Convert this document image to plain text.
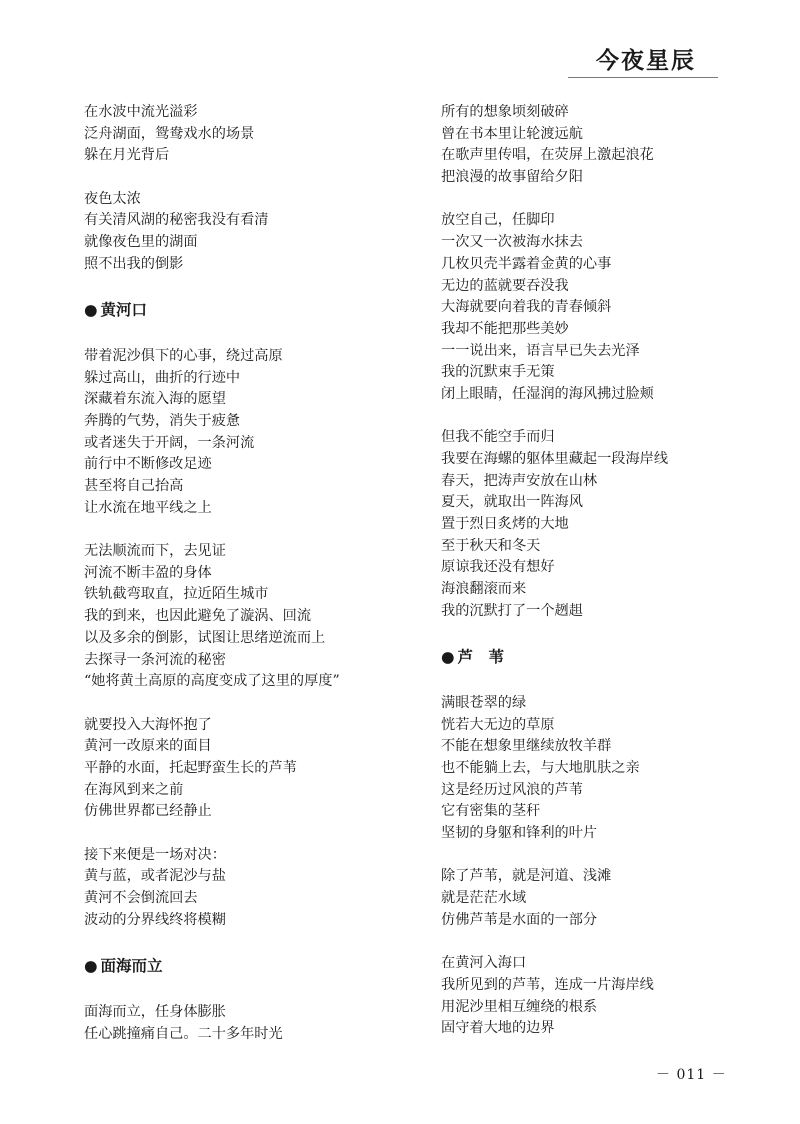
今夜星辰
在水波中流光溢彩
泛舟湖面，鸳鸯戏水的场景
躲在月光背后
夜色太浓
有关清风湖的秘密我没有看清
就像夜色里的湖面
照不出我的倒影
● 黄河口
带着泥沙俱下的心事，绕过高原
躲过高山，曲折的行迹中
深藏着东流入海的愿望
奔腾的气势，消失于疲惫
或者迷失于开阔，一条河流
前行中不断修改足迹
甚至将自己抬高
让水流在地平线之上
无法顺流而下，去见证
河流不断丰盈的身体
铁轨截弯取直，拉近陌生城市
我的到来，也因此避免了漩涡、回流
以及多余的倒影，试图让思绪逆流而上
去探寻一条河流的秘密
“她将黄土高原的高度变成了这里的厚度”
就要投入大海怀抱了
黄河一改原来的面目
平静的水面，托起野蛮生长的芦苇
在海风到来之前
仿佛世界都已经静止
接下来便是一场对决：
黄与蓝，或者泥沙与盐
黄河不会倒流回去
波动的分界线终将模糊
● 面海而立
面海而立，任身体膨胀
任心跳撞痛自己。二十多年时光
所有的想象顷刻破碎
曾在书本里让轮渡远航
在歌声里传唱，在荧屏上激起浪花
把浪漫的故事留给夕阳
放空自己，任脚印
一次又一次被海水抹去
几枚贝壳半露着金黄的心事
无边的蓝就要吞没我
大海就要向着我的青春倾斜
我却不能把那些美妙
一一说出来，语言早已失去光泽
我的沉默束手无策
闭上眼睛，任湿润的海风拂过脸颊
但我不能空手而归
我要在海螺的躯体里藏起一段海岸线
春天，把涛声安放在山林
夏天，就取出一阵海风
置于烈日炙烤的大地
至于秋天和冬天
原谅我还没有想好
海浪翻滚而来
我的沉默打了一个趔趄
● 芦　苇
满眼苍翠的绿
恍若大无边的草原
不能在想象里继续放牧羊群
也不能躺上去，与大地肌肤之亲
这是经历过风浪的芦苇
它有密集的茎秆
坚韧的身躯和锋利的叶片
除了芦苇，就是河道、浅滩
就是茫茫水域
仿佛芦苇是水面的一部分
在黄河入海口
我所见到的芦苇，连成一片海岸线
用泥沙里相互缠绕的根系
固守着大地的边界
－ 011 －
